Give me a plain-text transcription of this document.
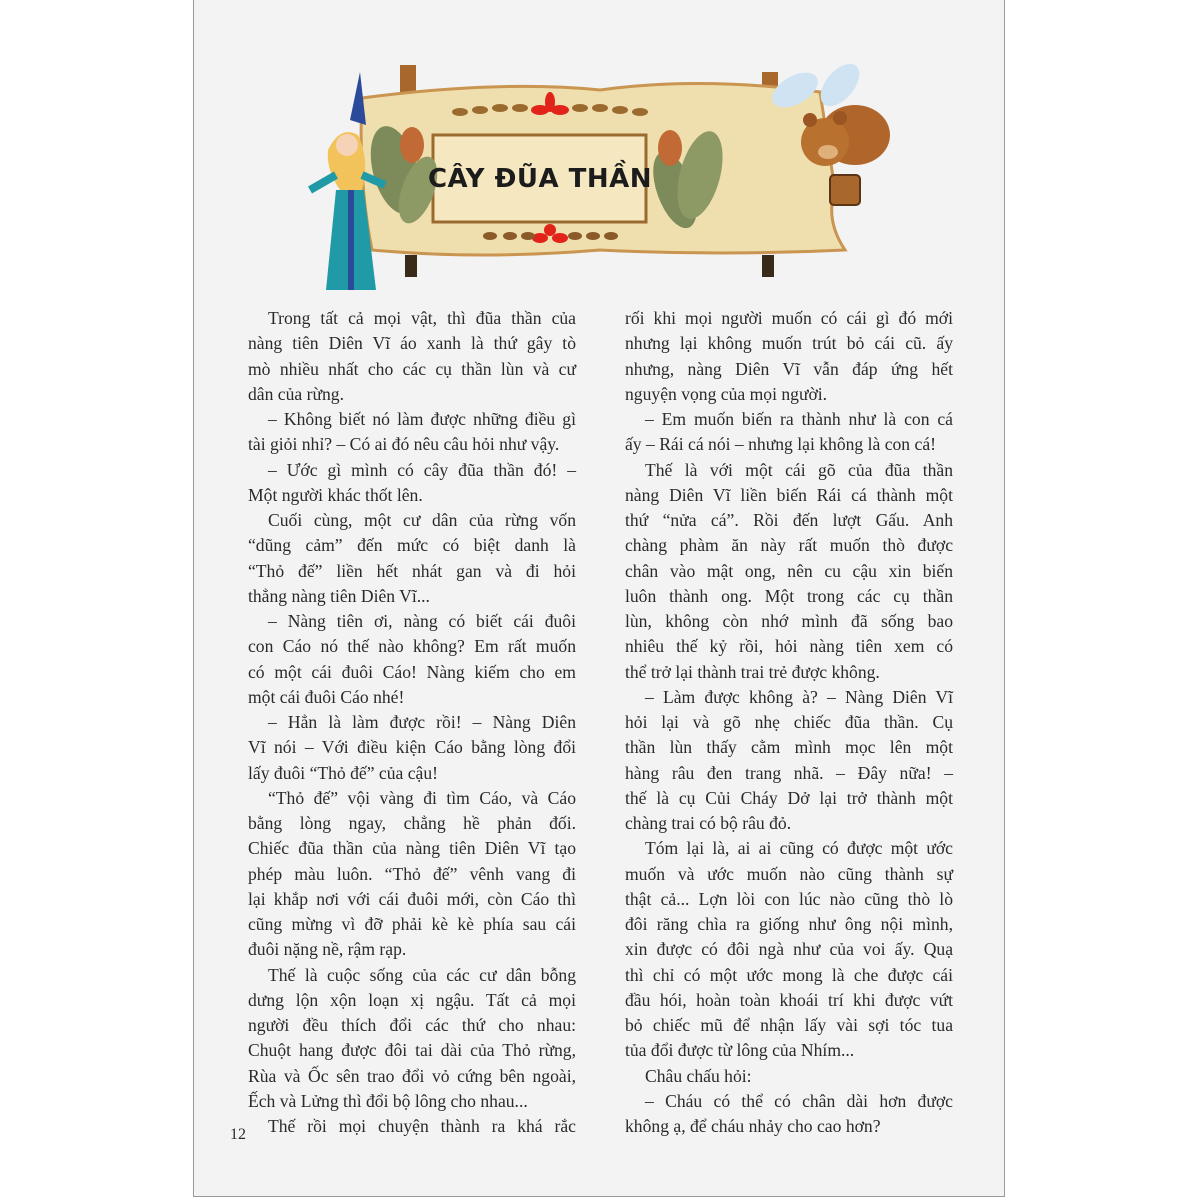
CÂY ĐŨA THẦN
Trong tất cả mọi vật, thì đũa thần của
nàng tiên Diên Vĩ áo xanh là thứ gây tò
mò nhiều nhất cho các cụ thần lùn và cư
dân của rừng.
– Không biết nó làm được những điều gì
tài giỏi nhỉ? – Có ai đó nêu câu hỏi như vậy.
– Ước gì mình có cây đũa thần đó! –
Một người khác thốt lên.
Cuối cùng, một cư dân của rừng vốn
“dũng cảm” đến mức có biệt danh là
“Thỏ đế” liền hết nhát gan và đi hỏi
thẳng nàng tiên Diên Vĩ...
– Nàng tiên ơi, nàng có biết cái đuôi
con Cáo nó thế nào không? Em rất muốn
có một cái đuôi Cáo! Nàng kiếm cho em
một cái đuôi Cáo nhé!
– Hẳn là làm được rồi! – Nàng Diên
Vĩ nói – Với điều kiện Cáo bằng lòng đổi
lấy đuôi “Thỏ đế” của cậu!
“Thỏ đế” vội vàng đi tìm Cáo, và Cáo
bằng lòng ngay, chẳng hề phản đối.
Chiếc đũa thần của nàng tiên Diên Vĩ tạo
phép màu luôn. “Thỏ đế” vênh vang đi
lại khắp nơi với cái đuôi mới, còn Cáo thì
cũng mừng vì đỡ phải kè kè phía sau cái
đuôi nặng nề, rậm rạp.
Thế là cuộc sống của các cư dân bỗng
dưng lộn xộn loạn xị ngậu. Tất cả mọi
người đều thích đổi các thứ cho nhau:
Chuột hang được đôi tai dài của Thỏ rừng,
Rùa và Ốc sên trao đổi vỏ cứng bên ngoài,
Ếch và Lửng thì đổi bộ lông cho nhau...
Thế rồi mọi chuyện thành ra khá rắc
rối khi mọi người muốn có cái gì đó mới
nhưng lại không muốn trút bỏ cái cũ. ấy
nhưng, nàng Diên Vĩ vẫn đáp ứng hết
nguyện vọng của mọi người.
– Em muốn biến ra thành như là con cá
ấy – Rái cá nói – nhưng lại không là con cá!
Thế là với một cái gõ của đũa thần
nàng Diên Vĩ liền biến Rái cá thành một
thứ “nửa cá”. Rồi đến lượt Gấu. Anh
chàng phàm ăn này rất muốn thò được
chân vào mật ong, nên cu cậu xin biến
luôn thành ong. Một trong các cụ thần
lùn, không còn nhớ mình đã sống bao
nhiêu thế kỷ rồi, hỏi nàng tiên xem có
thể trở lại thành trai trẻ được không.
– Làm được không à? – Nàng Diên Vĩ
hỏi lại và gõ nhẹ chiếc đũa thần. Cụ
thần lùn thấy cằm mình mọc lên một
hàng râu đen trang nhã. – Đây nữa! –
thế là cụ Củi Cháy Dở lại trở thành một
chàng trai có bộ râu đỏ.
Tóm lại là, ai ai cũng có được một ước
muốn và ước muốn nào cũng thành sự
thật cả... Lợn lòi con lúc nào cũng thò lò
đôi răng chìa ra giống như ông nội mình,
xin được có đôi ngà như của voi ấy. Quạ
thì chỉ có một ước mong là che được cái
đầu hói, hoàn toàn khoái trí khi được vứt
bỏ chiếc mũ để nhận lấy vài sợi tóc tua
tủa đổi được từ lông của Nhím...
Châu chấu hỏi:
– Cháu có thể có chân dài hơn được
không ạ, để cháu nhảy cho cao hơn?
12
